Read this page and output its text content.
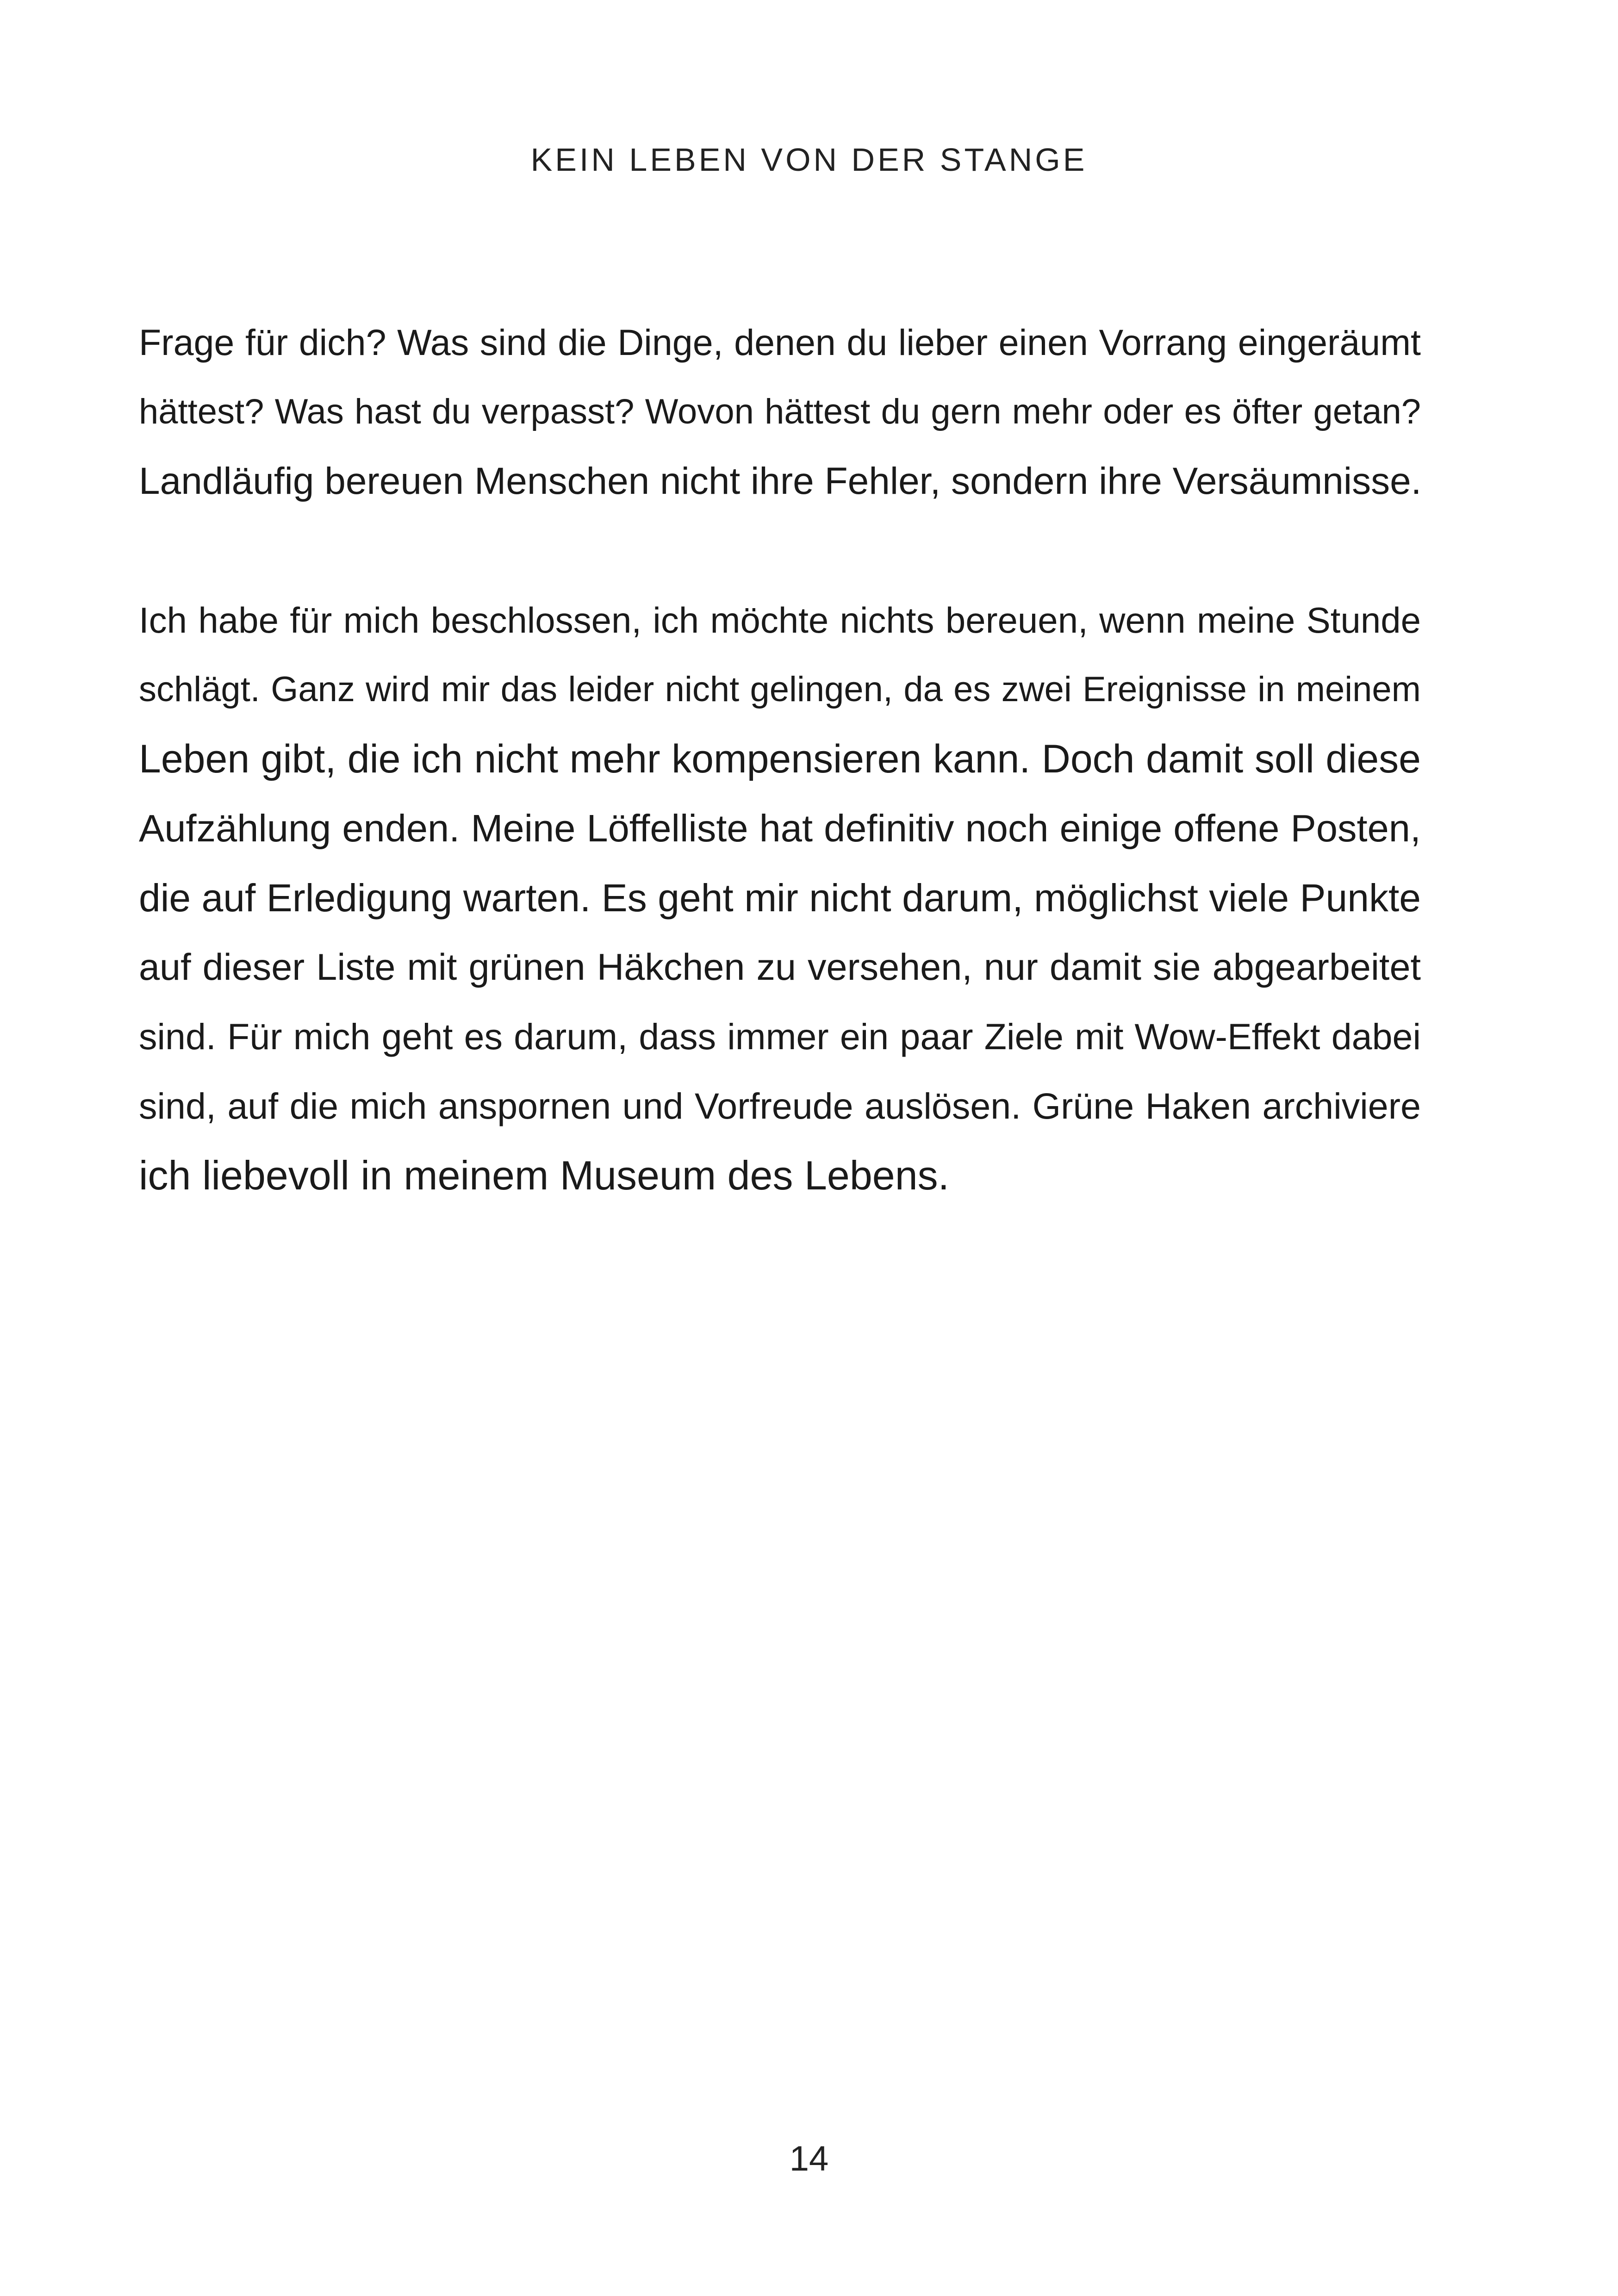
KEIN LEBEN VON DER STANGE
Frage für dich? Was sind die Dinge, denen du lieber einen Vorrang eingeräumt
hättest? Was hast du verpasst? Wovon hättest du gern mehr oder es öfter getan?
Landläufig bereuen Menschen nicht ihre Fehler, sondern ihre Versäumnisse.
Ich habe für mich beschlossen, ich möchte nichts bereuen, wenn meine Stunde
schlägt. Ganz wird mir das leider nicht gelingen, da es zwei Ereignisse in meinem
Leben gibt, die ich nicht mehr kompensieren kann. Doch damit soll diese
Aufzählung enden. Meine Löffelliste hat definitiv noch einige offene Posten,
die auf Erledigung warten. Es geht mir nicht darum, möglichst viele Punkte
auf dieser Liste mit grünen Häkchen zu versehen, nur damit sie abgearbeitet
sind. Für mich geht es darum, dass immer ein paar Ziele mit Wow-Effekt dabei
sind, auf die mich anspornen und Vorfreude auslösen. Grüne Haken archiviere
ich liebevoll in meinem Museum des Lebens.
14
